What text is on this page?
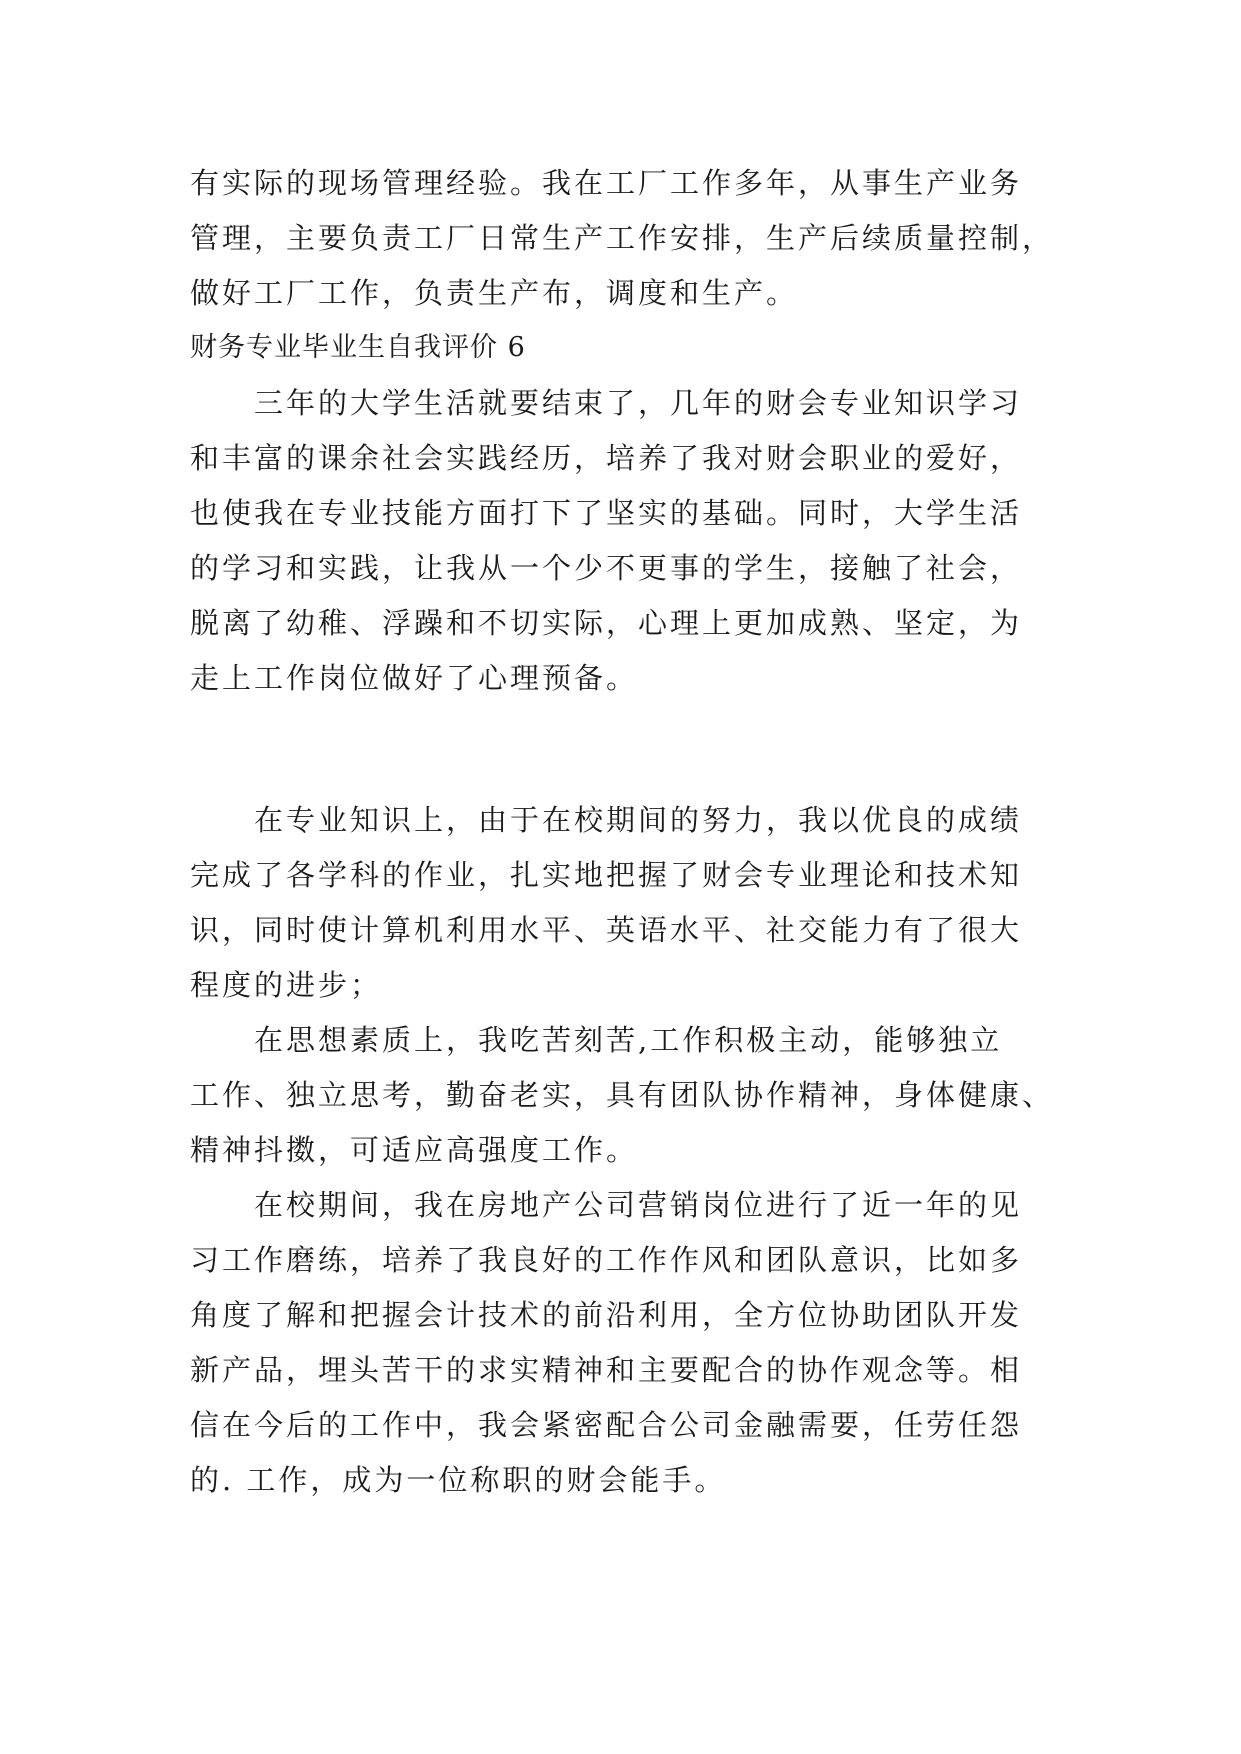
有实际的现场管理经验。我在工厂工作多年，从事生产业务
管理，主要负责工厂日常生产工作安排，生产后续质量控制，
做好工厂工作，负责生产布，调度和生产。
财务专业毕业生自我评价 6
三年的大学生活就要结束了，几年的财会专业知识学习
和丰富的课余社会实践经历，培养了我对财会职业的爱好，
也使我在专业技能方面打下了坚实的基础。同时，大学生活
的学习和实践，让我从一个少不更事的学生，接触了社会，
脱离了幼稚、浮躁和不切实际，心理上更加成熟、坚定，为
走上工作岗位做好了心理预备。
在专业知识上，由于在校期间的努力，我以优良的成绩
完成了各学科的作业，扎实地把握了财会专业理论和技术知
识，同时使计算机利用水平、英语水平、社交能力有了很大
程度的进步；
在思想素质上，我吃苦刻苦,工作积极主动，能够独立
工作、独立思考，勤奋老实，具有团队协作精神，身体健康、
精神抖擞，可适应高强度工作。
在校期间，我在房地产公司营销岗位进行了近一年的见
习工作磨练，培养了我良好的工作作风和团队意识，比如多
角度了解和把握会计技术的前沿利用，全方位协助团队开发
新产品，埋头苦干的求实精神和主要配合的协作观念等。相
信在今后的工作中，我会紧密配合公司金融需要，任劳任怨
的. 工作，成为一位称职的财会能手。
